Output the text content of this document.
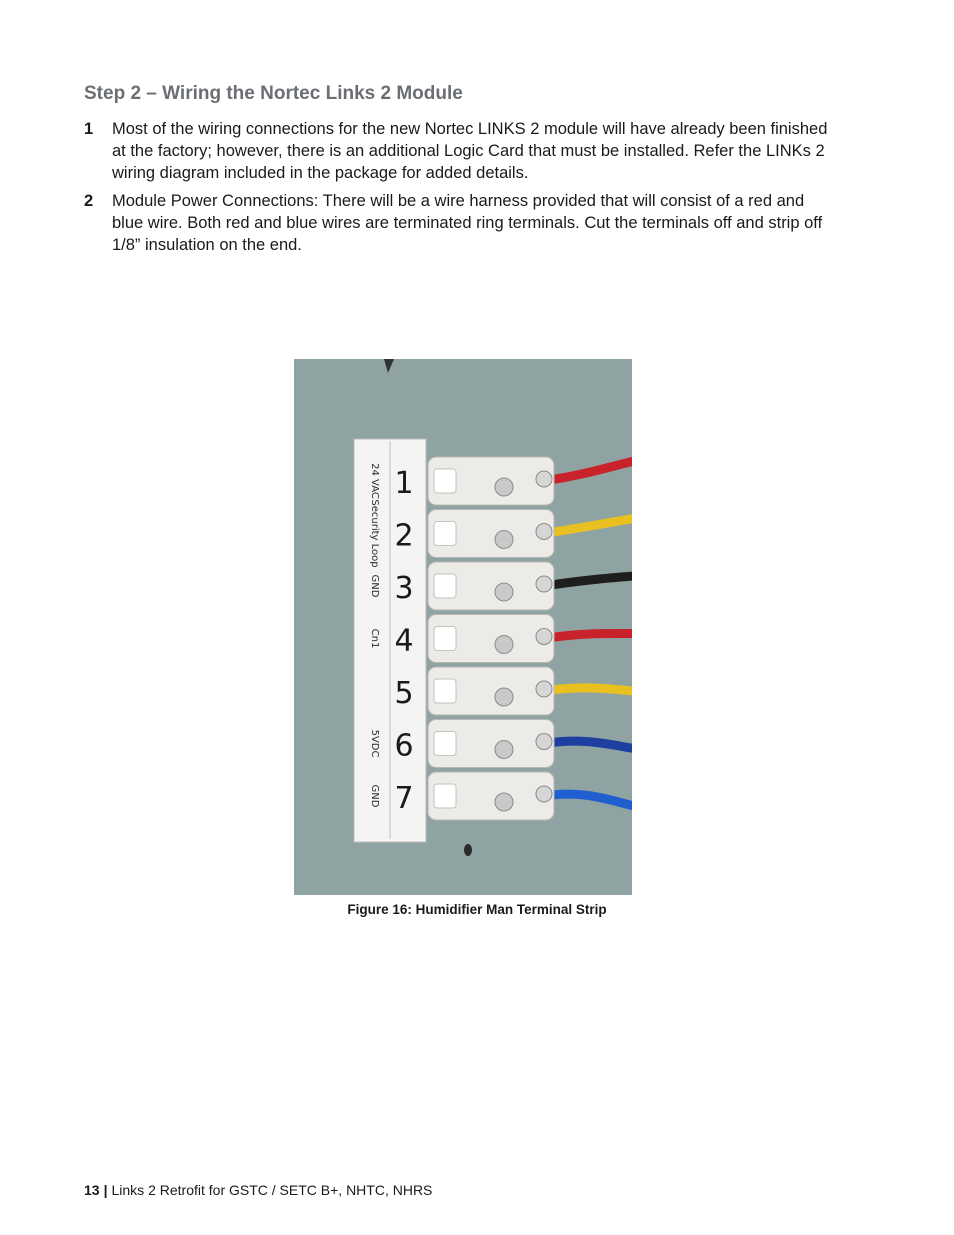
Step 2 – Wiring the Nortec Links 2 Module
1	Most of the wiring connections for the new Nortec LINKS 2 module will have already been finished at the factory; however, there is an additional Logic Card that must be installed. Refer the LINKs 2 wiring diagram included in the package for added details.
2	Module Power Connections: There will be a wire harness provided that will consist of a red and blue wire. Both red and blue wires are terminated ring terminals. Cut the terminals off and strip off 1/8” insulation on the end.
1
24 VAC
2
Security Loop
3
GND
4
Cn1
5
6
5VDC
7
GND
Figure 16: Humidifier Man Terminal Strip
13 | Links 2 Retrofit for GSTC / SETC B+, NHTC, NHRS
